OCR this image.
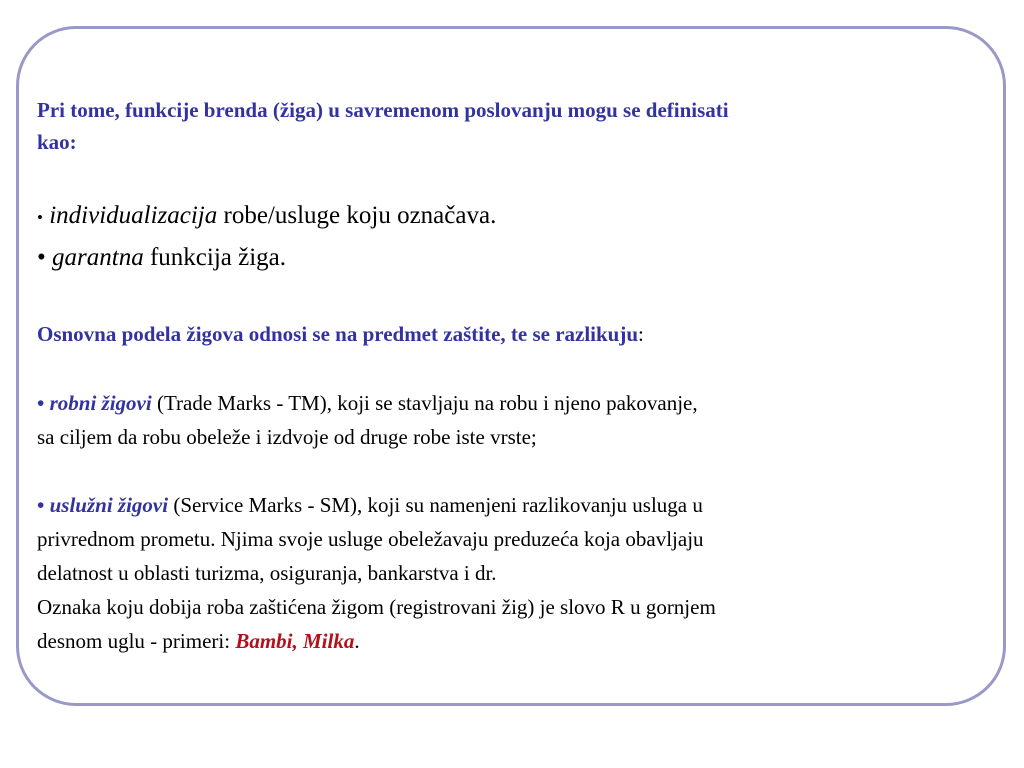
Pri tome, funkcije brenda (žiga) u savremenom poslovanju mogu se definisati
kao:
• individualizacija robe/usluge koju označava.
• garantna funkcija žiga.
Osnovna podela žigova odnosi se na predmet zaštite, te se razlikuju:
• robni žigovi (Trade Marks - TM), koji se stavljaju na robu i njeno pakovanje,
sa ciljem da robu obeleže i izdvoje od druge robe iste vrste;
• uslužni žigovi (Service Marks - SM), koji su namenjeni razlikovanju usluga u
privrednom prometu. Njima svoje usluge obeležavaju preduzeća koja obavljaju
delatnost u oblasti turizma, osiguranja, bankarstva i dr.
Oznaka koju dobija roba zaštićena žigom (registrovani žig) je slovo R u gornjem
desnom uglu - primeri: Bambi, Milka.
